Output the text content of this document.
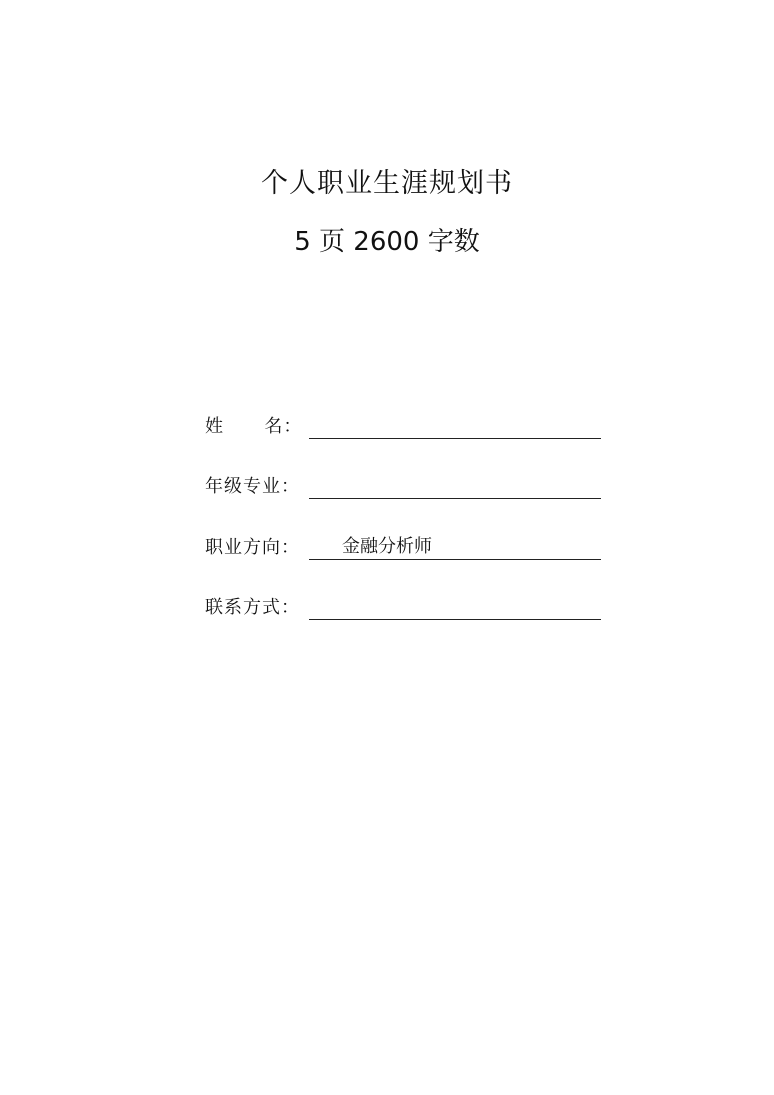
个人职业生涯规划书
5 页 2600 字数
姓      名：
年级专业：
职业方向： 金融分析师
联系方式：
